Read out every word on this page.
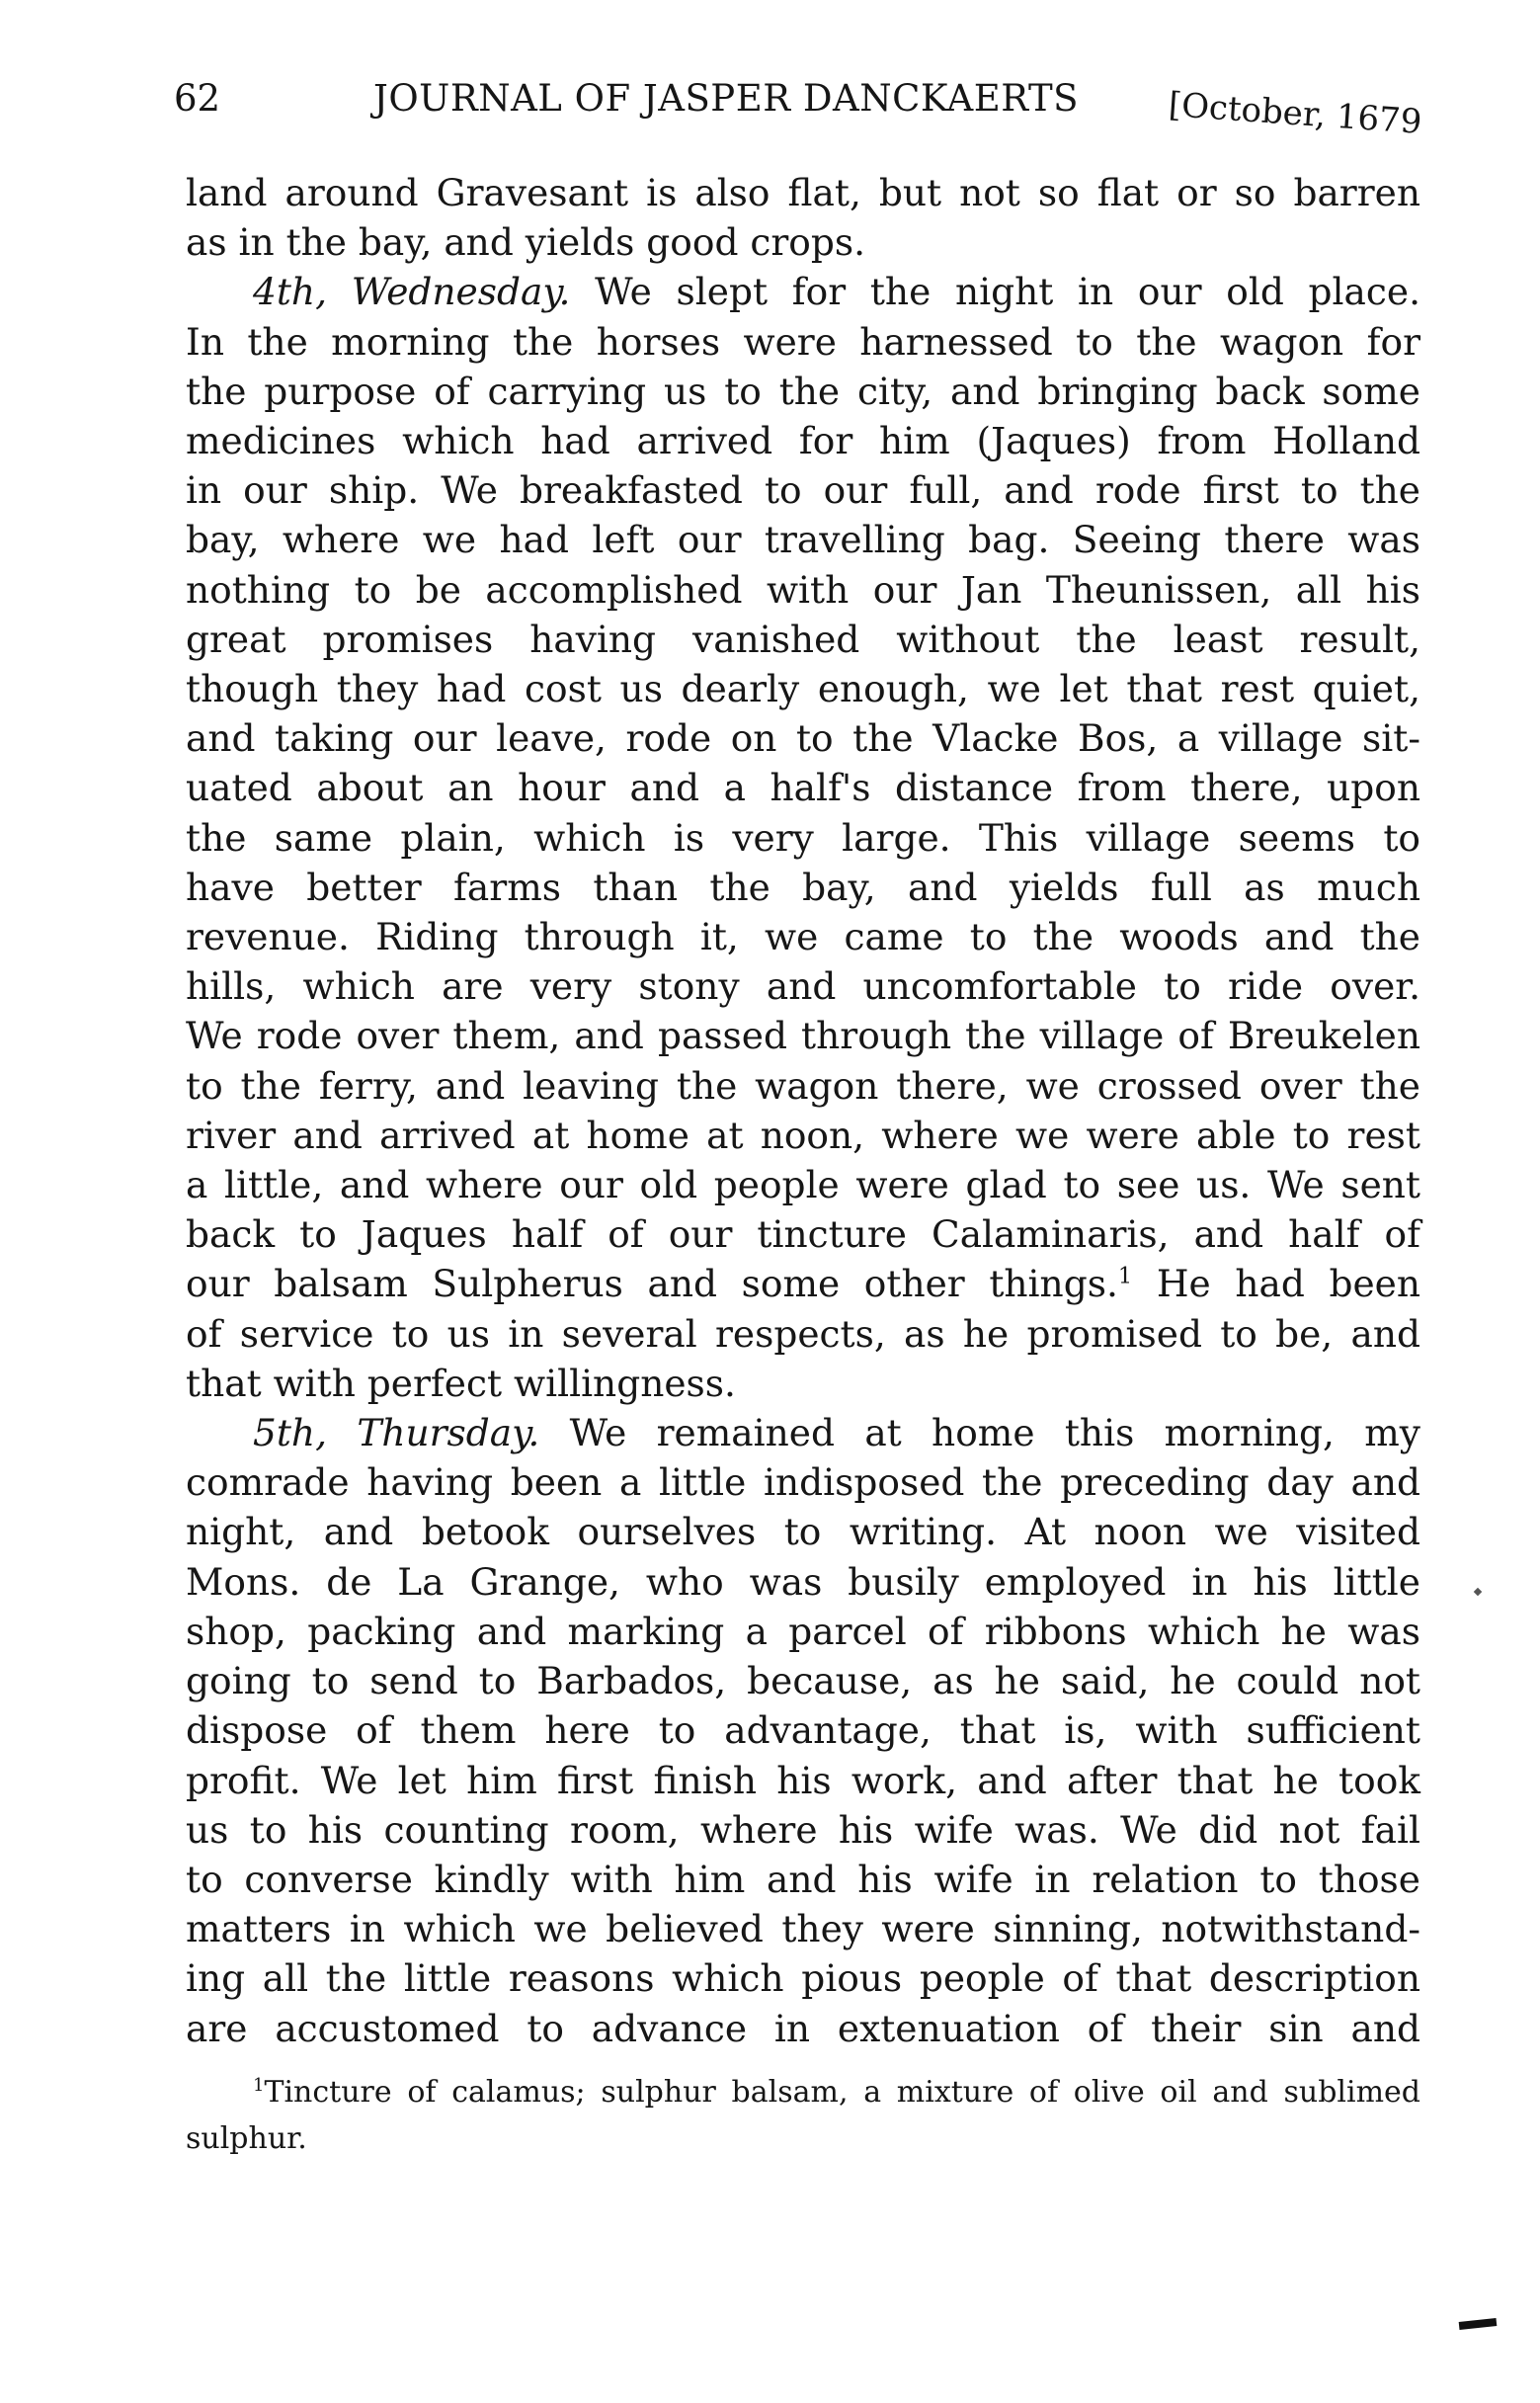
62	JOURNAL OF JASPER DANCKAERTS	[October, 1679
land around Gravesant is also flat, but not so flat or so barren
as in the bay, and yields good crops.
4th, Wednesday. We slept for the night in our old place.
In the morning the horses were harnessed to the wagon for
the purpose of carrying us to the city, and bringing back some
medicines which had arrived for him (Jaques) from Holland
in our ship. We breakfasted to our full, and rode first to the
bay, where we had left our travelling bag. Seeing there was
nothing to be accomplished with our Jan Theunissen, all his
great promises having vanished without the least result,
though they had cost us dearly enough, we let that rest quiet,
and taking our leave, rode on to the Vlacke Bos, a village sit-
uated about an hour and a half's distance from there, upon
the same plain, which is very large. This village seems to
have better farms than the bay, and yields full as much
revenue. Riding through it, we came to the woods and the
hills, which are very stony and uncomfortable to ride over.
We rode over them, and passed through the village of Breukelen
to the ferry, and leaving the wagon there, we crossed over the
river and arrived at home at noon, where we were able to rest
a little, and where our old people were glad to see us. We sent
back to Jaques half of our tincture Calaminaris, and half of
our balsam Sulpherus and some other things.$^1$ He had been
of service to us in several respects, as he promised to be, and
that with perfect willingness.
5th, Thursday. We remained at home this morning, my
comrade having been a little indisposed the preceding day and
night, and betook ourselves to writing. At noon we visited
Mons. de La Grange, who was busily employed in his little
shop, packing and marking a parcel of ribbons which he was
going to send to Barbados, because, as he said, he could not
dispose of them here to advantage, that is, with sufficient
profit. We let him first finish his work, and after that he took
us to his counting room, where his wife was. We did not fail
to converse kindly with him and his wife in relation to those
matters in which we believed they were sinning, notwithstand-
ing all the little reasons which pious people of that description
are accustomed to advance in extenuation of their sin and
$^1$Tincture of calamus; sulphur balsam, a mixture of olive oil and sublimed
sulphur.
